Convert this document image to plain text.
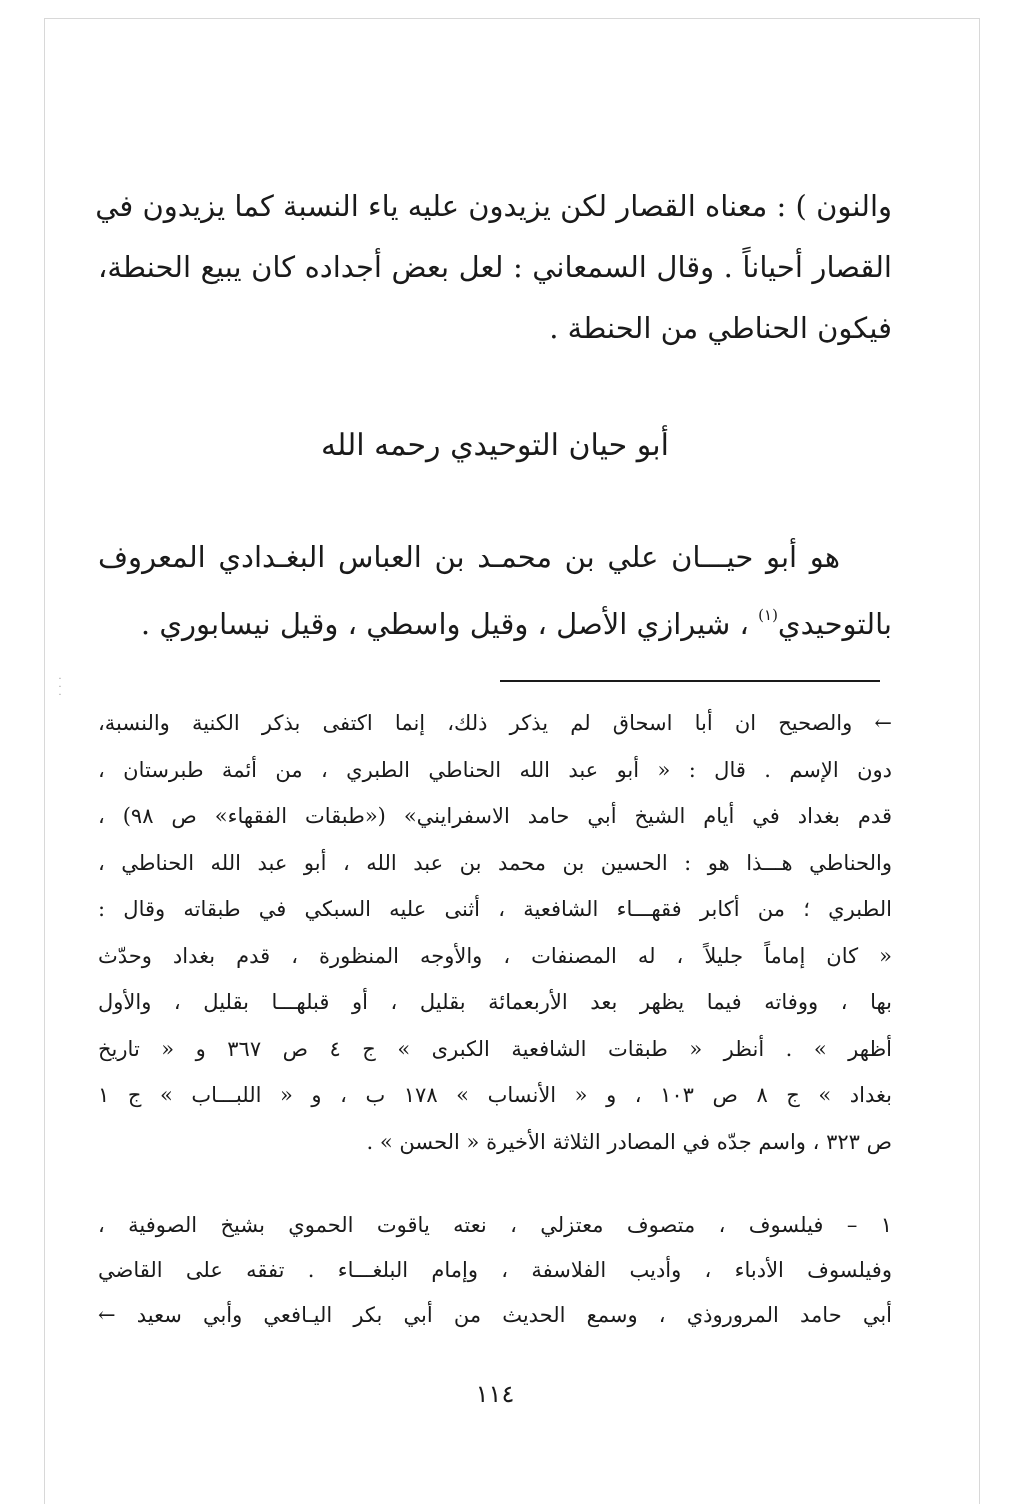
والنون ) : معناه القصار لكن يزيدون عليه ياء النسبة كما يزيدون في
القصار أحياناً . وقال السمعاني : لعل بعض أجداده كان يبيع الحنطة،
فيكون الحناطي من الحنطة .
أبو حيان التوحيدي رحمه الله
هو أبو حيـــان علي بن محمـد بن العباس البغـدادي المعروف
بالتوحيدي$^{(١)}$ ، شيرازي الأصل ، وقيل واسطي ، وقيل نيسابوري .
·
·
·
← والصحيح ان أبا اسحاق لم يذكر ذلك، إنما اكتفى بذكر الكنية والنسبة،
دون الإسم . قال : « أبو عبد الله الحناطي الطبري ، من أئمة طبرستان ،
قدم بغداد في أيام الشيخ أبي حامد الاسفرايني» («طبقات الفقهاء» ص ٩٨) ،
والحناطي هـــذا هو : الحسين بن محمد بن عبد الله ، أبو عبد الله الحناطي ،
الطبري ؛ من أكابر فقهـــاء الشافعية ، أثنى عليه السبكي في طبقاته وقال :
« كان إماماً جليلاً ، له المصنفات ، والأوجه المنظورة ، قدم بغداد وحدّث
بها ، ووفاته فيما يظهر بعد الأربعمائة بقليل ، أو قبلهـــا بقليل ، والأول
أظهر » . أنظر « طبقات الشافعية الكبرى » ج ٤ ص ٣٦٧ و « تاريخ
بغداد » ج ٨ ص ١٠٣ ، و « الأنساب » ١٧٨ ب ، و « اللبـــاب » ج ١
ص ٣٢٣ ، واسم جدّه في المصادر الثلاثة الأخيرة « الحسن » .
١ – فيلسوف ، متصوف معتزلي ، نعته ياقوت الحموي بشيخ الصوفية ،
وفيلسوف الأدباء ، وأديب الفلاسفة ، وإمام البلغـــاء . تفقه على القاضي
أبي حامد المروروذي ، وسمع الحديث من أبي بكر اليـافعي وأبي سعيد ←
١١٤
